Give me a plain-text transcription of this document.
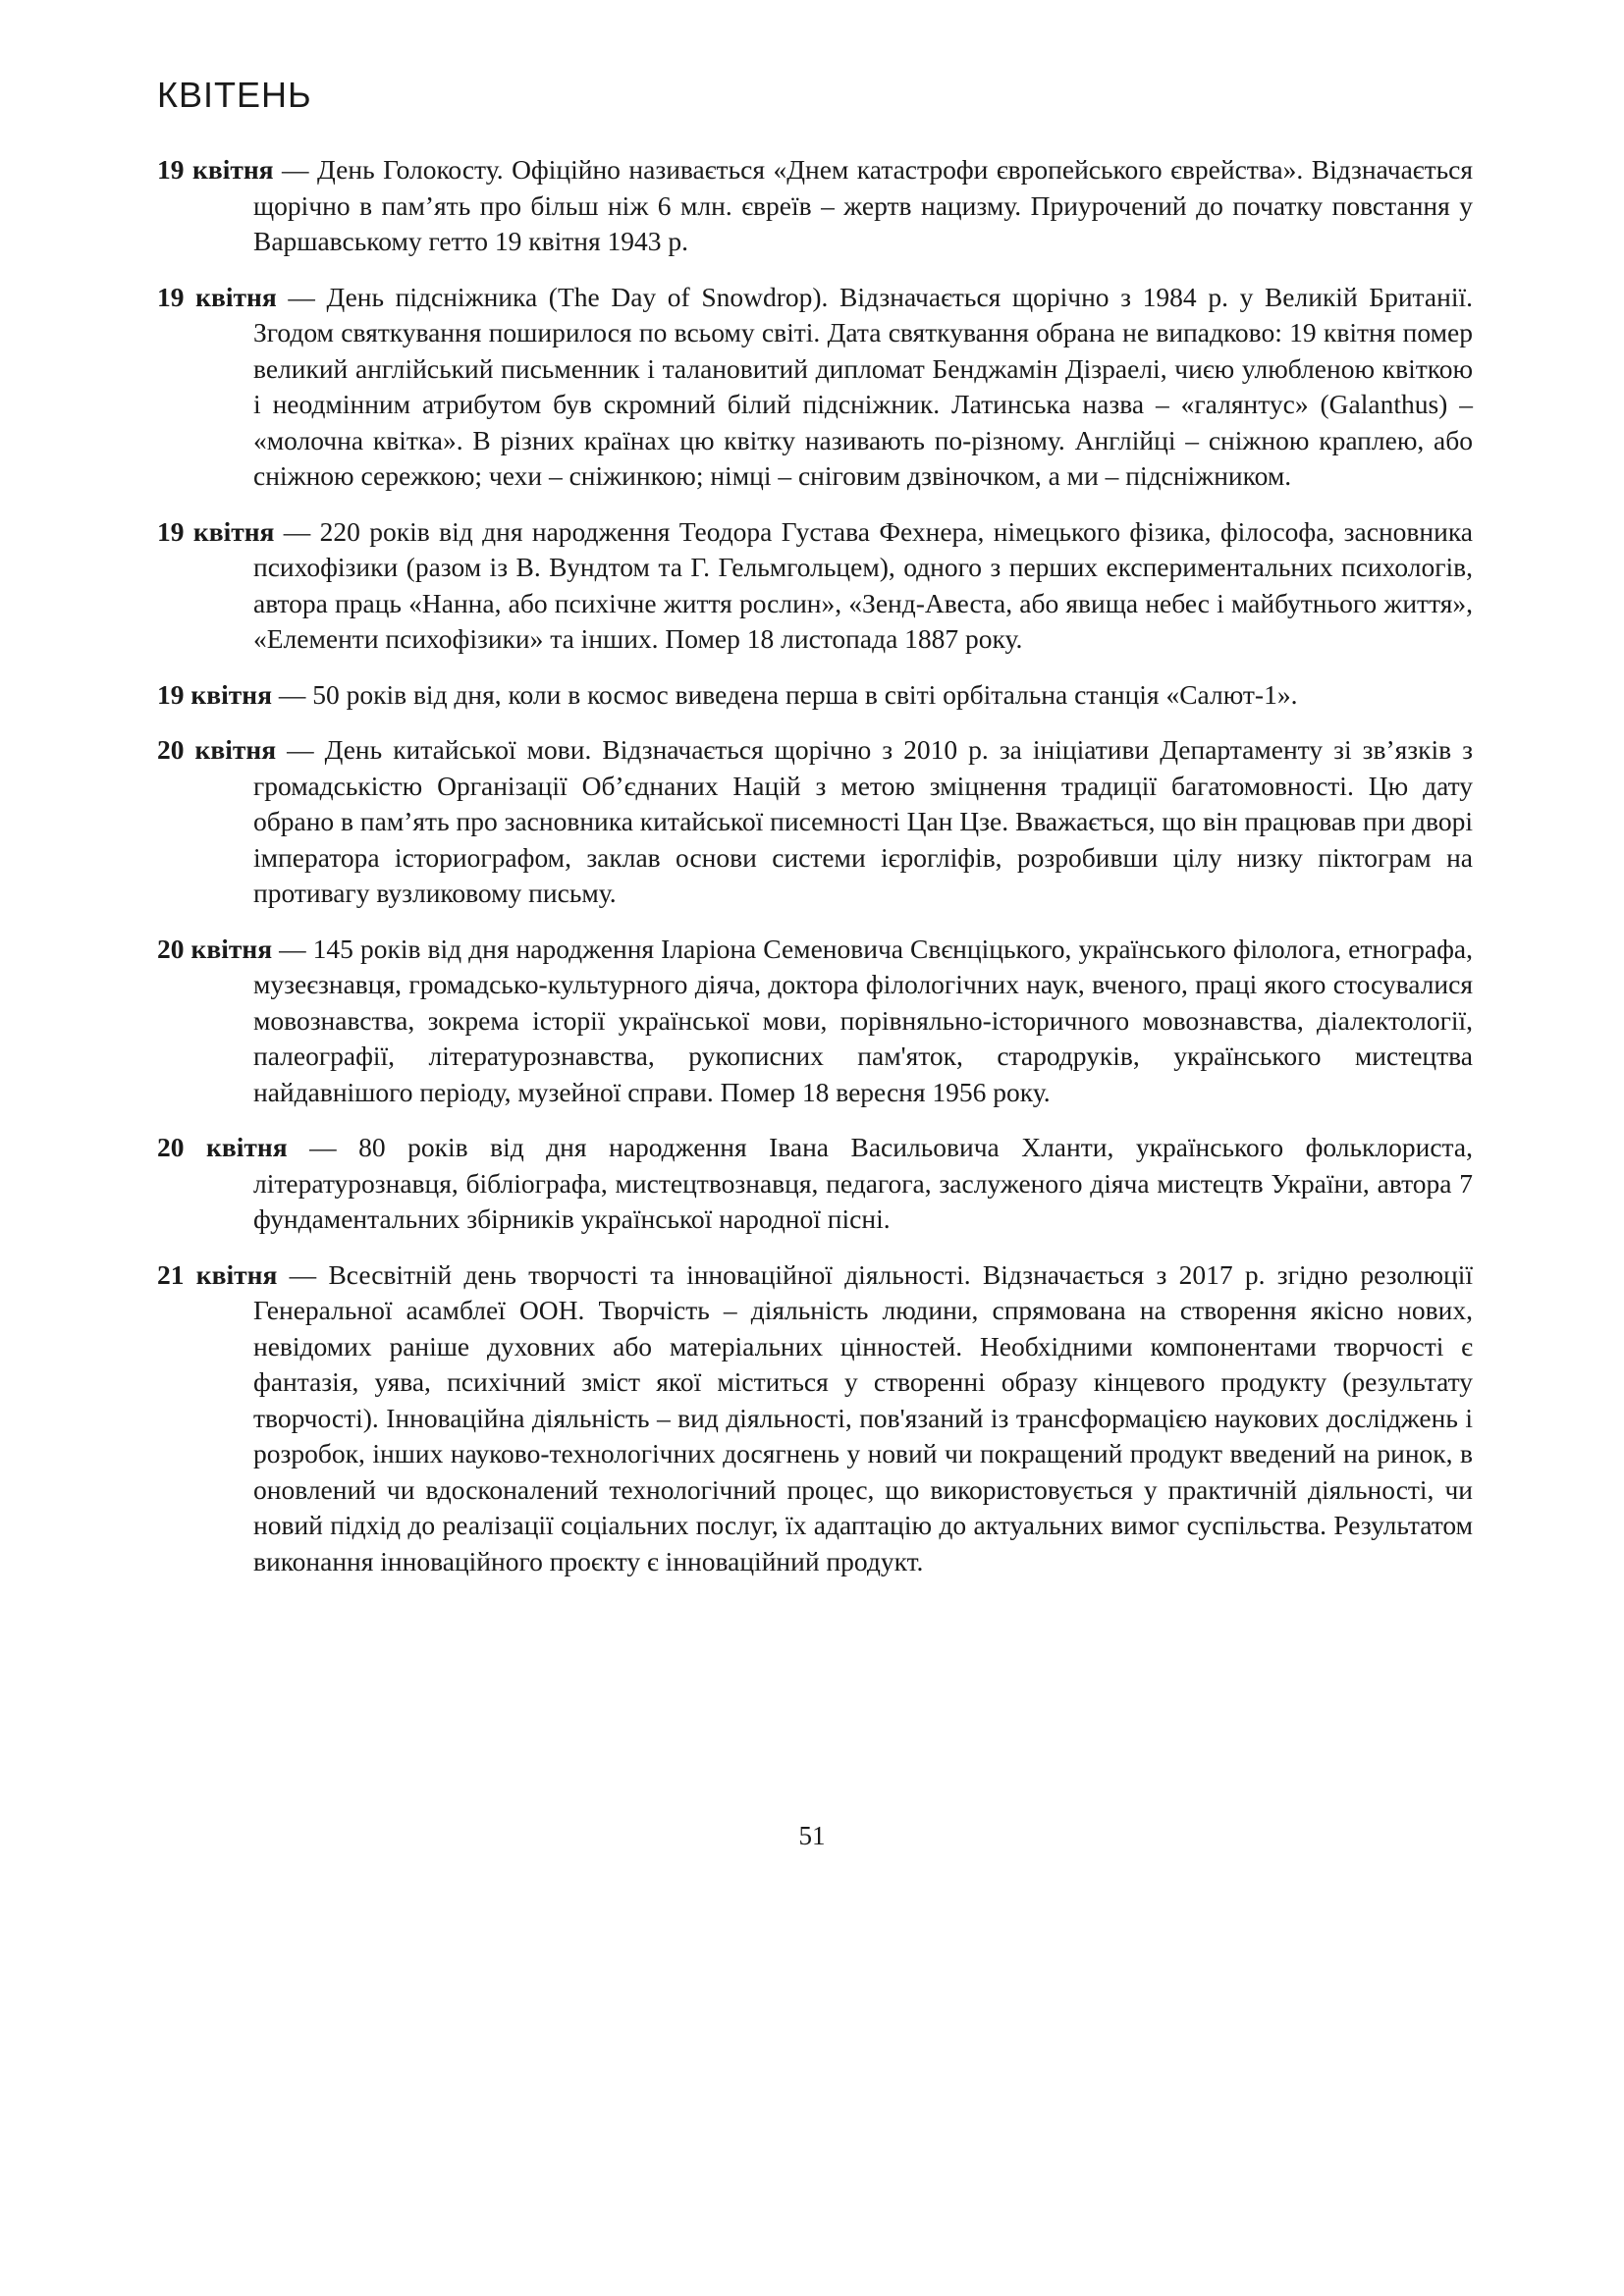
КВІТЕНЬ

19 квітня — День Голокосту. Офіційно називається «Днем катастрофи європейського єврейства». Відзначається щорічно в пам’ять про більш ніж 6 млн. євреїв – жертв нацизму. Приурочений до початку повстання у Варшавському гетто 19 квітня 1943 р.

19 квітня — День підсніжника (The Day of Snowdrop). Відзначається щорічно з 1984 р. у Великій Британії. Згодом святкування поширилося по всьому світі. Дата святкування обрана не випадково: 19 квітня помер великий англійський письменник і талановитий дипломат Бенджамін Дізраелі, чиєю улюбленою квіткою і неодмінним атрибутом був скромний білий підсніжник. Латинська назва – «галянтус» (Galanthus) – «молочна квітка». В різних країнах цю квітку називають по-різному. Англійці – сніжною краплею, або сніжною сережкою; чехи – сніжинкою; німці – сніговим дзвіночком, а ми – підсніжником.

19 квітня — 220 років від дня народження Теодора Густава Фехнера, німецького фізика, філософа, засновника психофізики (разом із В. Вундтом та Г. Гельмгольцем), одного з перших експериментальних психологів, автора праць «Нанна, або психічне життя рослин», «Зенд-Авеста, або явища небес і майбутнього життя», «Елементи психофізики» та інших. Помер 18 листопада 1887 року.

19 квітня — 50 років від дня, коли в космос виведена перша в світі орбітальна станція «Салют-1».

20 квітня — День китайської мови. Відзначається щорічно з 2010 р. за ініціативи Департаменту зі зв’язків з громадськістю Організації Об’єднаних Націй з метою зміцнення традиції багатомовності. Цю дату обрано в пам’ять про засновника китайської писемності Цан Цзе. Вважається, що він працював при дворі імператора істориографом, заклав основи системи ієрогліфів, розробивши цілу низку піктограм на противагу вузликовому письму.

20 квітня — 145 років від дня народження Іларіона Семеновича Свєнціцького, українського філолога, етнографа, музеєзнавця, громадсько-культурного діяча, доктора філологічних наук, вченого, праці якого стосувалися мовознавства, зокрема історії української мови, порівняльно-історичного мовознавства, діалектології, палеографії, літературознавства, рукописних пам'яток, стародруків, українського мистецтва найдавнішого періоду, музейної справи. Помер 18 вересня 1956 року.

20 квітня — 80 років від дня народження Івана Васильовича Хланти, українського фольклориста, літературознавця, бібліографа, мистецтвознавця, педагога, заслуженого діяча мистецтв України, автора 7 фундаментальних збірників української народної пісні.

21 квітня — Всесвітній день творчості та інноваційної діяльності. Відзначається з 2017 р. згідно резолюції Генеральної асамблеї ООН. Творчість – діяльність людини, спрямована на створення якісно нових, невідомих раніше духовних або матеріальних цінностей. Необхідними компонентами творчості є фантазія, уява, психічний зміст якої міститься у створенні образу кінцевого продукту (результату творчості). Інноваційна діяльність – вид діяльності, пов'язаний із трансформацією наукових досліджень і розробок, інших науково-технологічних досягнень у новий чи покращений продукт введений на ринок, в оновлений чи вдосконалений технологічний процес, що використовується у практичній діяльності, чи новий підхід до реалізації соціальних послуг, їх адаптацію до актуальних вимог суспільства. Результатом виконання інноваційного проєкту є інноваційний продукт.

51
